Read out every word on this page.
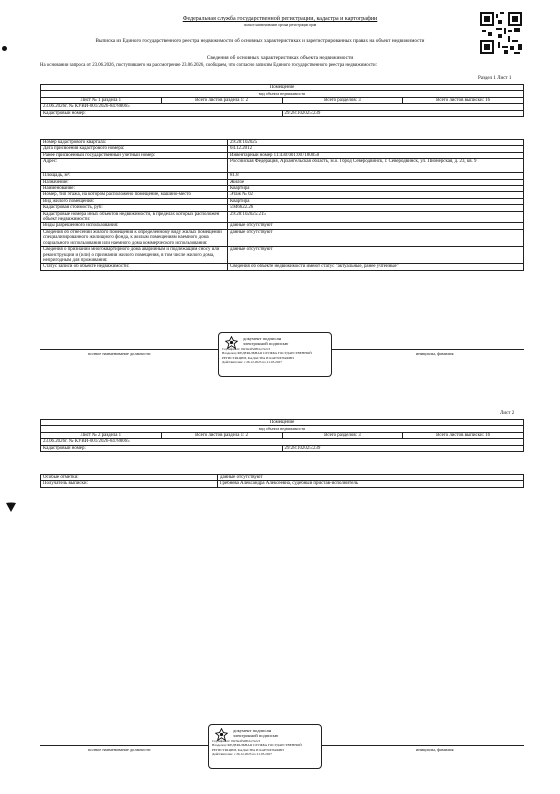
Федеральная служба государственной регистрации, кадастра и картографии
полное наименование органа регистрации прав
Выписка из Единого государственного реестра недвижимости об основных характеристиках и зарегистрированных правах на объект недвижимости
Сведения об основных характеристиках объекта недвижимости
На основании запроса от 23.06.2026, поступившего на рассмотрение 23.06.2026, сообщаем, что согласно записям Единого государственного реестра недвижимости:
Раздел 1 Лист 1
Помещение			
вид объекта недвижимости			
Лист № 1 раздела 1	Всего листов раздела 1: 2	Всего разделов: 3	Всего листов выписки: 16
23.06.2026г. № КУВИ-001/2026-84788065			
Кадастровый номер:		29:28:102025:239	
Номер кадастрового квартала:	29:28:102025
Дата присвоения кадастрового номера:	04.12.2012
Ранее присвоенный государственный учетный номер:	Инвентарный номер 11:430:001:007180050
Адрес:	Российская Федерация, Архангельская область, м.о. Город Северодвинск, г. Северодвинск, ул. Пионерская, д. 23, кв. 9
Площадь, м²:	81.8
Назначение:	Жилое
Наименование:	Квартира
Номер, тип этажа, на котором расположено помещение, машино-место	Этаж № 02
Вид жилого помещения:	Квартира
Кадастровая стоимость, руб:	5946622.26
Кадастровые номера иных объектов недвижимости, в пределах которых расположен объект недвижимости:	29:28:102025:215
Виды разрешенного использования:	данные отсутствуют
Сведения об отнесении жилого помещения к определенному виду жилых помещений специализированного жилищного фонда, к жилым помещениям наемного дома социального использования или наемного дома коммерческого использования:	данные отсутствуют
Сведения о признании многоквартирного дома аварийным и подлежащим сносу или реконструкции и (или) о признании жилого помещения, в том числе жилого дома, непригодным для проживания:	данные отсутствуют
Статус записи об объекте недвижимости:	Сведения об объекте недвижимости имеют статус "актуальные, ранее учтенные"
полное наименование должности	инициалы, фамилия
документ подписан
электронной подписью
Сертификат: 00c9a4f5d8b1e7a2c3
Владелец: ФЕДЕРАЛЬНАЯ СЛУЖБА ГОСУДАРСТВЕННОЙ РЕГИСТРАЦИИ, КАДАСТРА И КАРТОГРАФИИ
Действителен: с 26.12.2025 по 21.03.2027
Лист 2
Помещение			
вид объекта недвижимости			
Лист № 2 раздела 1	Всего листов раздела 1: 2	Всего разделов: 3	Всего листов выписки: 16
23.06.2026г. № КУВИ-001/2026-84788065			
Кадастровый номер:		29:28:102025:239	
Особые отметки:	данные отсутствуют
Получатель выписки:	Гребнева Александра Алексеевна, судебный пристав-исполнитель
полное наименование должности	инициалы, фамилия
документ подписан
электронной подписью
Сертификат: 00c9a4f5d8b1e7a2c3
Владелец: ФЕДЕРАЛЬНАЯ СЛУЖБА ГОСУДАРСТВЕННОЙ РЕГИСТРАЦИИ, КАДАСТРА И КАРТОГРАФИИ
Действителен: с 26.12.2025 по 21.03.2027
